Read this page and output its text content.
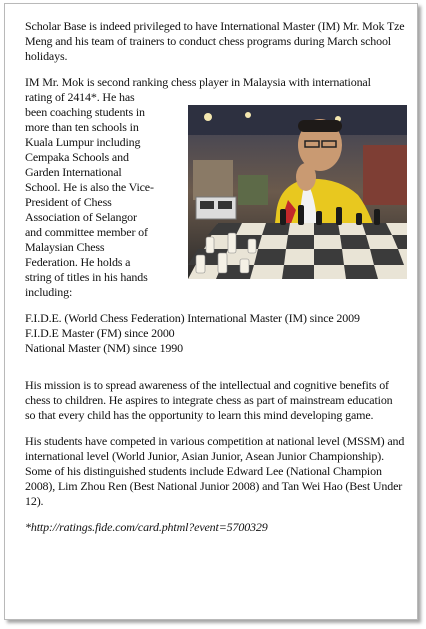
Scholar Base is indeed privileged to have International Master (IM) Mr. Mok Tze Meng and his team of trainers to conduct chess programs during March school holidays.

IM Mr. Mok is second ranking chess player in Malaysia with international rating of 2414*. He has

been coaching students in

more than ten schools in

Kuala Lumpur including

Cempaka Schools and

Garden International

School. He is also the Vice-

President of Chess

Association of Selangor

and committee member of

Malaysian Chess

Federation. He holds a

string of titles in his hands

including:

F.I.D.E. (World Chess Federation) International Master (IM) since 2009

F.I.D.E Master (FM) since 2000

National Master (NM) since 1990

His mission is to spread awareness of the intellectual and cognitive benefits of chess to children. He aspires to integrate chess as part of mainstream education so that every child has the opportunity to learn this mind developing game.

His students have competed in various competition at national level (MSSM) and international level (World Junior, Asian Junior, Asean Junior Championship). Some of his distinguished students include Edward Lee (National Champion 2008), Lim Zhou Ren (Best National Junior 2008) and Tan Wei Hao (Best Under 12).

*http://ratings.fide.com/card.phtml?event=5700329
